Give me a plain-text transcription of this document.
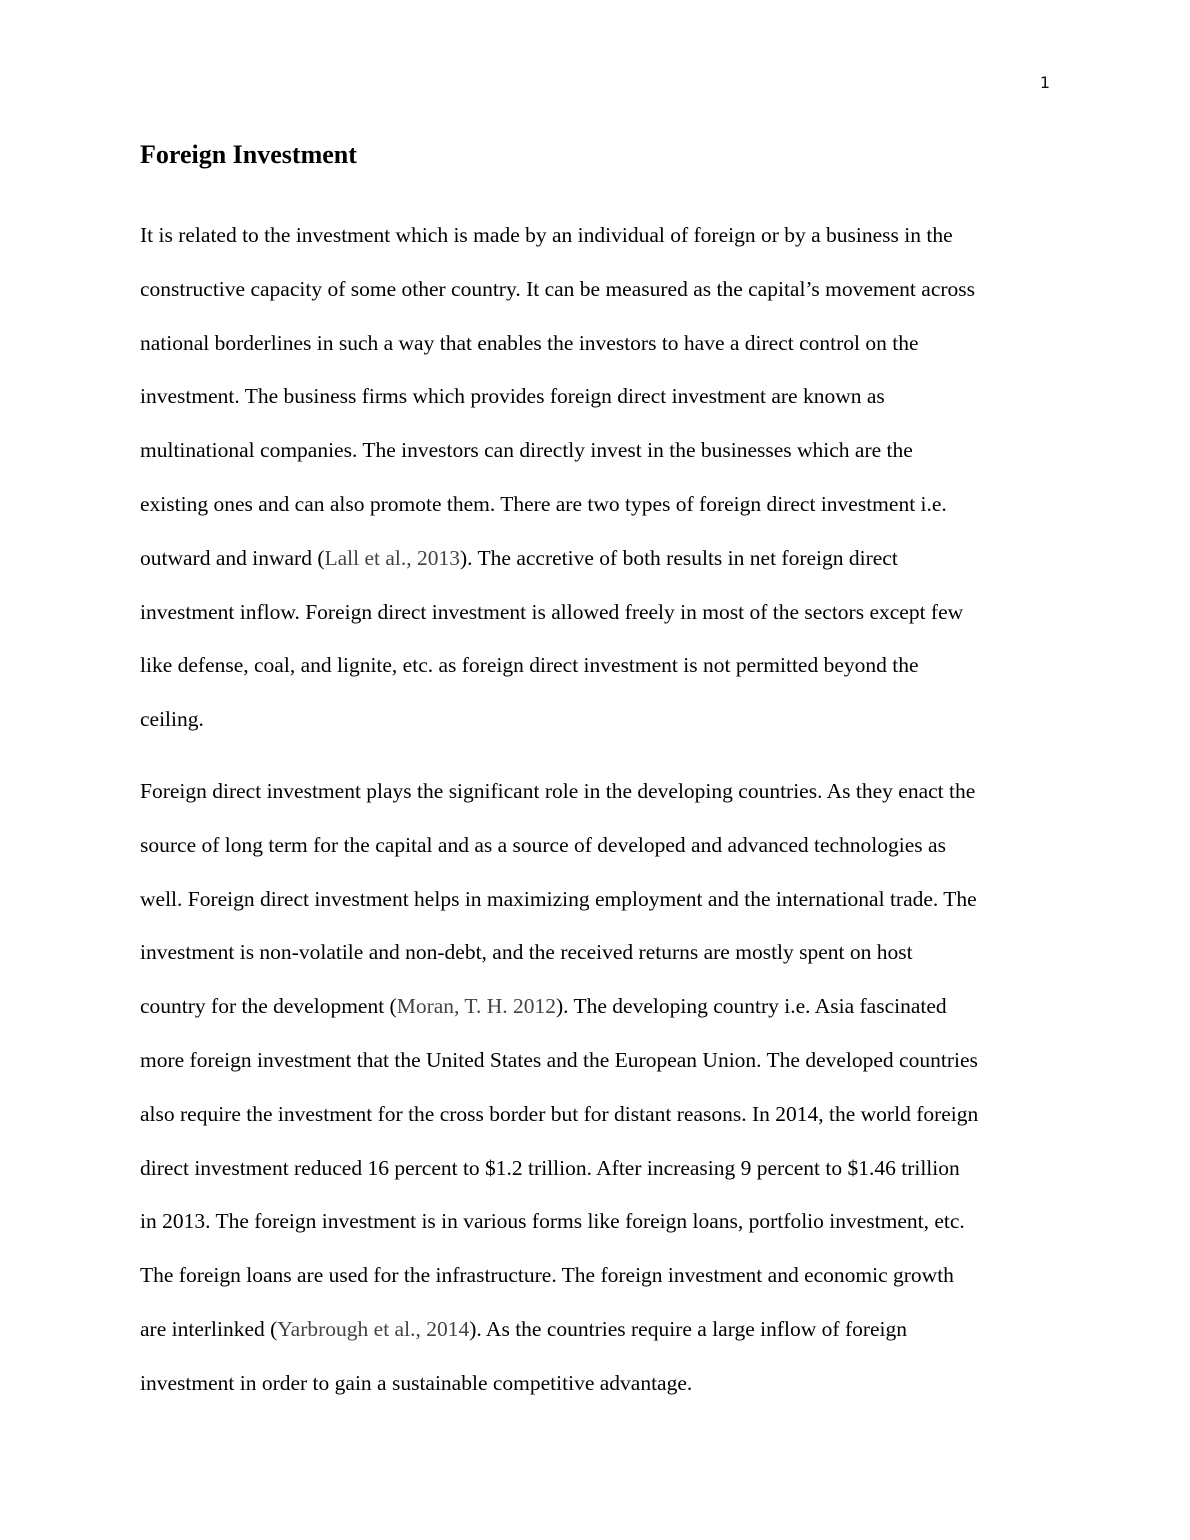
1
Foreign Investment

It is related to the investment which is made by an individual of foreign or by a business in the
constructive capacity of some other country. It can be measured as the capital’s movement across
national borderlines in such a way that enables the investors to have a direct control on the
investment. The business firms which provides foreign direct investment are known as
multinational companies. The investors can directly invest in the businesses which are the
existing ones and can also promote them. There are two types of foreign direct investment i.e.
outward and inward (Lall et al., 2013). The accretive of both results in net foreign direct
investment inflow. Foreign direct investment is allowed freely in most of the sectors except few
like defense, coal, and lignite, etc. as foreign direct investment is not permitted beyond the
ceiling.

Foreign direct investment plays the significant role in the developing countries. As they enact the
source of long term for the capital and as a source of developed and advanced technologies as
well. Foreign direct investment helps in maximizing employment and the international trade. The
investment is non-volatile and non-debt, and the received returns are mostly spent on host
country for the development (Moran, T. H. 2012). The developing country i.e. Asia fascinated
more foreign investment that the United States and the European Union. The developed countries
also require the investment for the cross border but for distant reasons. In 2014, the world foreign
direct investment reduced 16 percent to $1.2 trillion. After increasing 9 percent to $1.46 trillion
in 2013. The foreign investment is in various forms like foreign loans, portfolio investment, etc.
The foreign loans are used for the infrastructure. The foreign investment and economic growth
are interlinked (Yarbrough et al., 2014). As the countries require a large inflow of foreign
investment in order to gain a sustainable competitive advantage.
